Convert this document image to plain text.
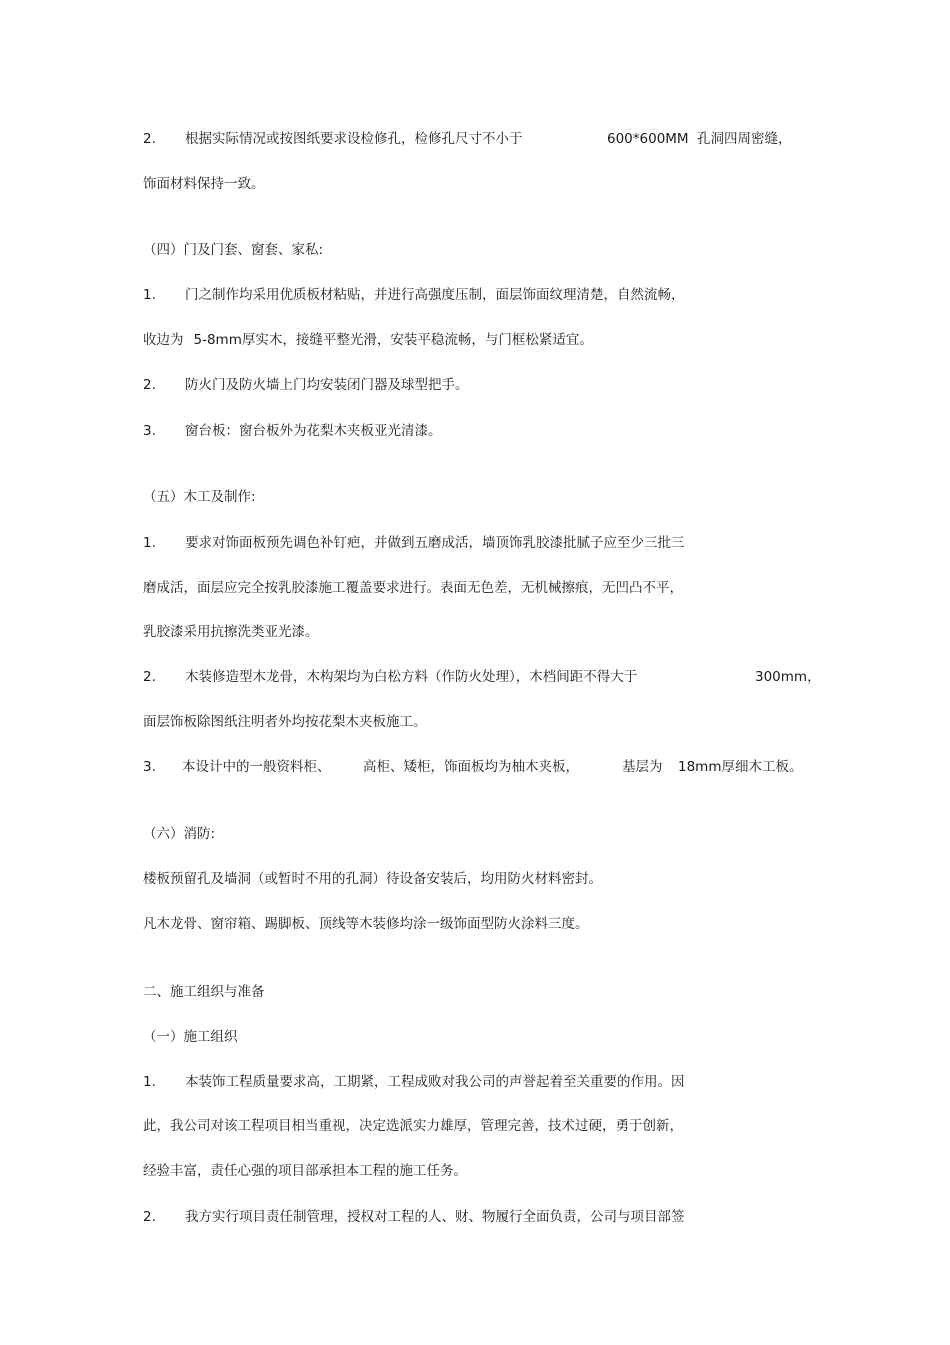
2. 根据实际情况或按图纸要求设检修孔，检修孔尺寸不小于	600*600MM 孔洞四周密缝，
饰面材料保持一致。
（四）门及门套、窗套、家私:
1. 门之制作均采用优质板材粘贴，并进行高强度压制，面层饰面纹理清楚，自然流畅，
收边为 5-8mm厚实木，接缝平整光滑，安装平稳流畅，与门框松紧适宜。
2. 防火门及防火墙上门均安装闭门器及球型把手。
3. 窗台板：窗台板外为花梨木夹板亚光清漆。
（五）木工及制作:
1. 要求对饰面板预先调色补钉疤，并做到五磨成活，墙顶饰乳胶漆批腻子应至少三批三
磨成活，面层应完全按乳胶漆施工覆盖要求进行。表面无色差，无机械擦痕，无凹凸不平，
乳胶漆采用抗擦洗类亚光漆。
2. 木装修造型木龙骨，木构架均为白松方料（作防火处理），木档间距不得大于	300mm，
面层饰板除图纸注明者外均按花梨木夹板施工。
3. 本设计中的一般资料柜、 高柜、矮柜，饰面板均为柚木夹板，	基层为 18mm厚细木工板。
（六）消防:
楼板预留孔及墙洞（或暂时不用的孔洞）待设备安装后，均用防火材料密封。
凡木龙骨、窗帘箱、踢脚板、顶线等木装修均涂一级饰面型防火涂料三度。
二、施工组织与准备
（一）施工组织
1. 本装饰工程质量要求高，工期紧，工程成败对我公司的声誉起着至关重要的作用。因
此，我公司对该工程项目相当重视，决定选派实力雄厚，管理完善，技术过硬，勇于创新，
经验丰富，责任心强的项目部承担本工程的施工任务。
2. 我方实行项目责任制管理，授权对工程的人、财、物履行全面负责，公司与项目部签
